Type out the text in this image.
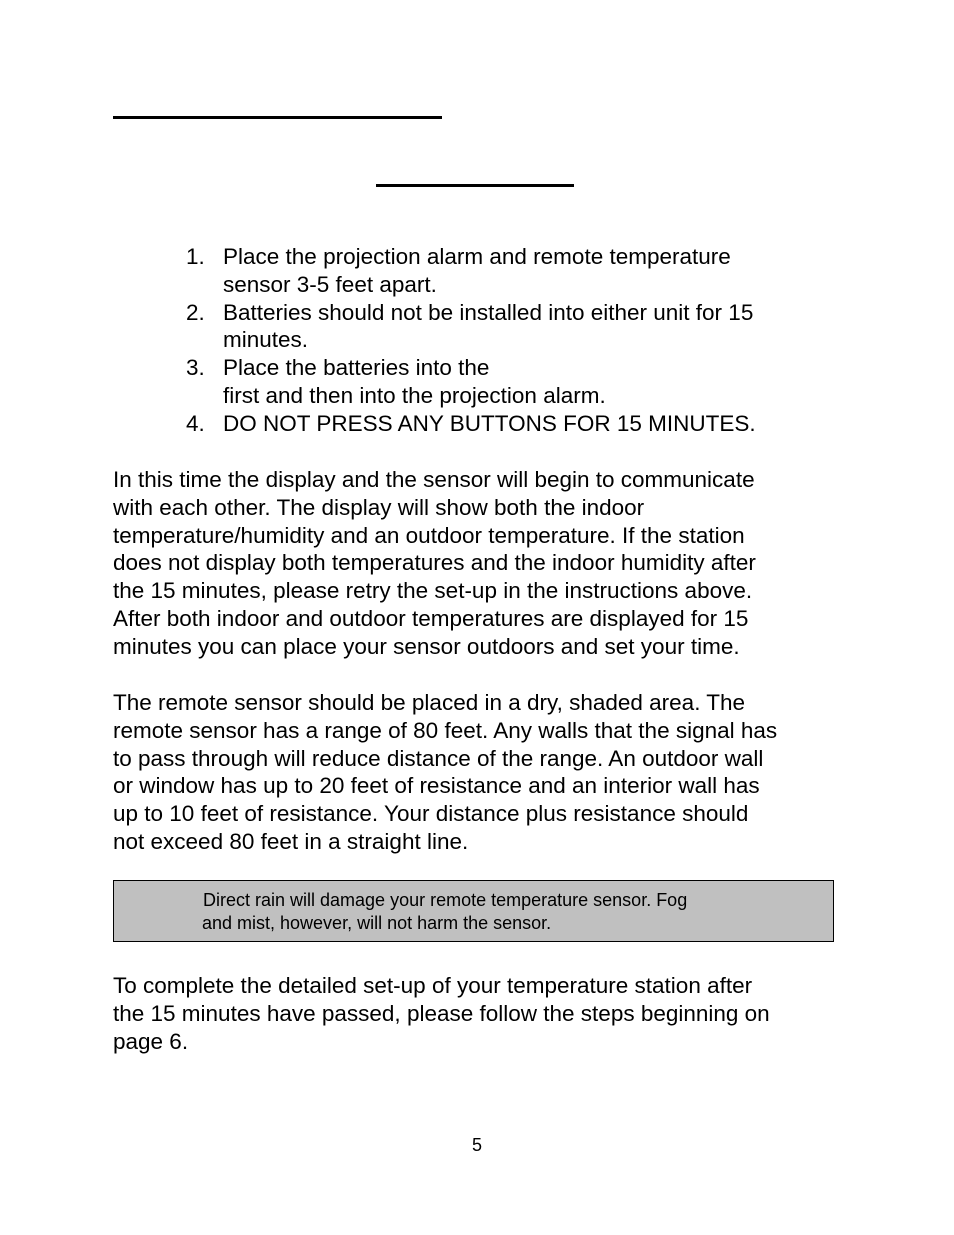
1. Place the projection alarm and remote temperature
sensor 3-5 feet apart.
2. Batteries should not be installed into either unit for 15
minutes.
3. Place the batteries into the
first and then into the projection alarm.
4. DO NOT PRESS ANY BUTTONS FOR 15 MINUTES.

In this time the display and the sensor will begin to communicate
with each other. The display will show both the indoor
temperature/humidity and an outdoor temperature. If the station
does not display both temperatures and the indoor humidity after
the 15 minutes, please retry the set-up in the instructions above.
After both indoor and outdoor temperatures are displayed for 15
minutes you can place your sensor outdoors and set your time.

The remote sensor should be placed in a dry, shaded area. The
remote sensor has a range of 80 feet. Any walls that the signal has
to pass through will reduce distance of the range. An outdoor wall
or window has up to 20 feet of resistance and an interior wall has
up to 10 feet of resistance. Your distance plus resistance should
not exceed 80 feet in a straight line.

Direct rain will damage your remote temperature sensor. Fog
and mist, however, will not harm the sensor.

To complete the detailed set-up of your temperature station after
the 15 minutes have passed, please follow the steps beginning on
page 6.

5
